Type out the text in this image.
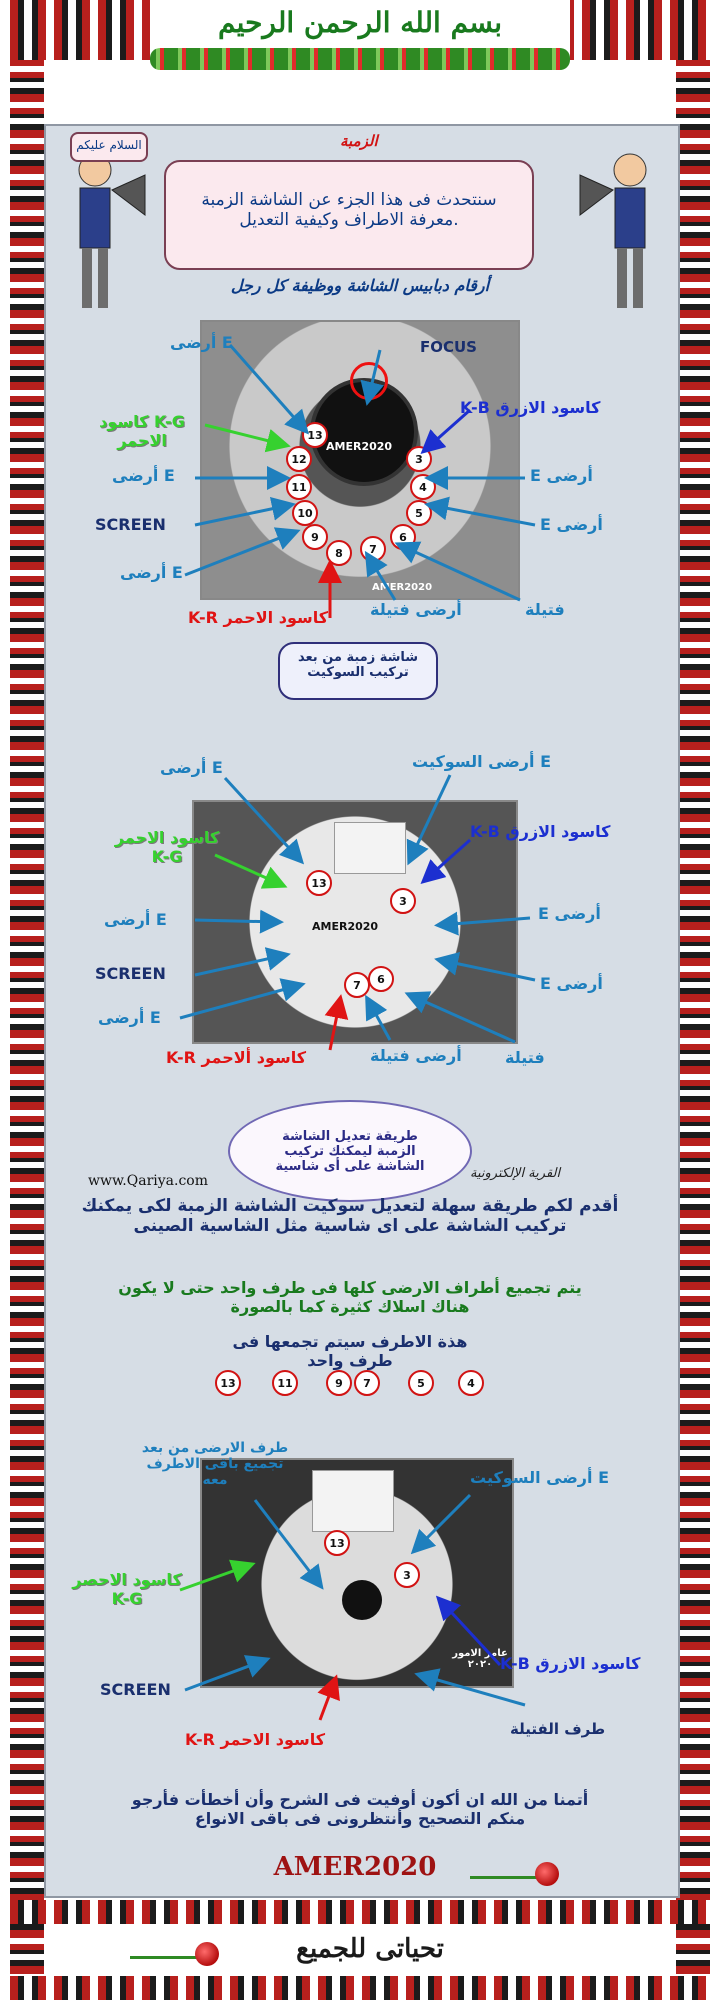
بسم الله الرحمن الرحيم
السلام عليكم	الزمبة
سنتحدث فى هذا الجزء عن الشاشة الزمبة .معرفة الاطراف وكيفية التعديل
أرقام دبابيس الشاشة ووظيفة كل رجل
AMER2020
AMER2020
13
12
11
10
9
8	7
6
5
4
3
أرضى E	FOCUS
كاسود K-G الاحمر
K-B كاسود الازرق
أرضى E	E أرضى
SCREEN	E أرضى
أرضى E
K-R كاسود الاحمر	أرضى فتيلة	فتيلة
شاشة زمبة من بعد تركيب السوكيت
AMER2020
13
3
7	6
أرضى E	أرضى السوكيت E
كاسود الاحمر K-G
K-B كاسود الازرق
أرضى E	E أرضى
SCREEN
E أرضى
أرضى E
K-R كاسود ألاحمر	أرضى فتيلة	فتيلة
طريقة تعديل الشاشة الزمبة ليمكنك تركيب الشاشة على أى شاسية
www.Qariya.com	القرية الإلكترونية
أقدم لكم طريقة سهلة لتعديل سوكيت الشاشة الزمبة لكى يمكنك تركيب الشاشة على اى شاسية مثل الشاسية الصينى
يتم تجميع أطراف الارضى كلها فى طرف واحد حتى لا يكون هناك اسلاك كثيرة كما بالصورة
هذة الاطرف سيتم تجمعها فى طرف واحد
13	11	9	7	5	4
13
3
عامر الامور ٢٠٢٠
طرف الارضى من بعد تجميع باقى الاطرف معه	أرضى السوكيت E
كاسود الاحصر K-G
K-B كاسود الازرق
SCREEN
طرف الفتيلة
K-R كاسود الاحمر
أتمنا من الله ان أكون أوفيت فى الشرح وأن أخطأت فأرجو منكم التصحيح وأنتظرونى فى باقى الانواع
AMER2020
تحياتى للجميع
